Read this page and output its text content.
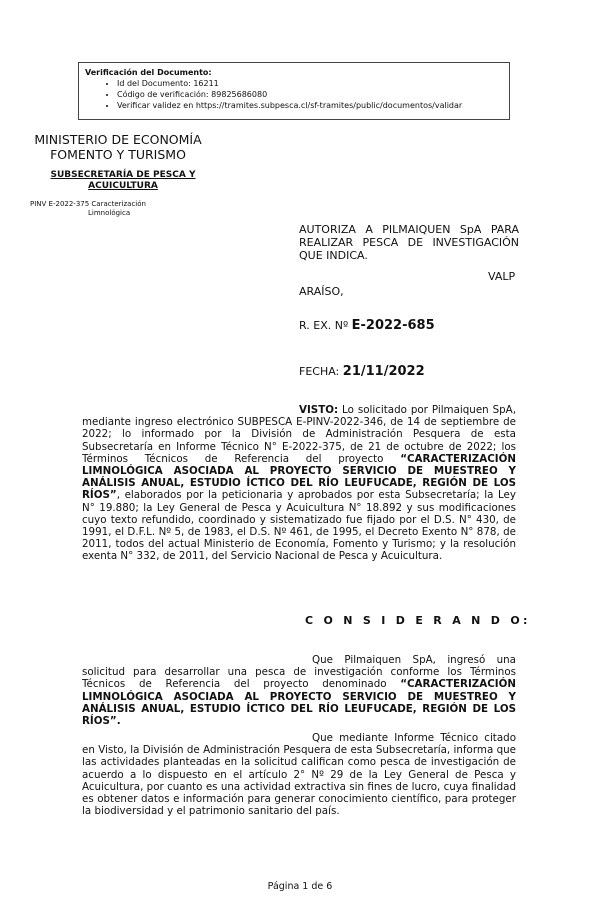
Verificación del Documento:
• Id del Documento: 16211
• Código de verificación: 89825686080
• Verificar validez en https://tramites.subpesca.cl/sf-tramites/public/documentos/validar
MINISTERIO DE ECONOMÍA
FOMENTO Y TURISMO
SUBSECRETARÍA DE PESCA Y
ACUICULTURA
PINV E-2022-375 Caracterización
Limnológica
AUTORIZA A PILMAIQUEN SpA PARA REALIZAR PESCA DE INVESTIGACIÓN QUE INDICA.
VALP
ARAÍSO,
R. EX. Nº E-2022-685
FECHA: 21/11/2022
VISTO: Lo solicitado por Pilmaiquen SpA, mediante ingreso electrónico SUBPESCA E-PINV-2022-346, de 14 de septiembre de 2022; lo informado por la División de Administración Pesquera de esta Subsecretaría en Informe Técnico N° E-2022-375, de 21 de octubre de 2022; los Términos Técnicos de Referencia del proyecto “CARACTERIZACIÓN LIMNOLÓGICA ASOCIADA AL PROYECTO SERVICIO DE MUESTREO Y ANÁLISIS ANUAL, ESTUDIO ÍCTICO DEL RÍO LEUFUCADE, REGIÓN DE LOS RÍOS”, elaborados por la peticionaria y aprobados por esta Subsecretaría; la Ley N° 19.880; la Ley General de Pesca y Acuicultura N° 18.892 y sus modificaciones cuyo texto refundido, coordinado y sistematizado fue fijado por el D.S. N° 430, de 1991, el D.F.L. Nº 5, de 1983, el D.S. Nº 461, de 1995, el Decreto Exento N° 878, de 2011, todos del actual Ministerio de Economía, Fomento y Turismo; y la resolución exenta N° 332, de 2011, del Servicio Nacional de Pesca y Acuicultura.
C O N S I D E R A N D O:
Que Pilmaiquen SpA, ingresó una solicitud para desarrollar una pesca de investigación conforme los Términos Técnicos de Referencia del proyecto denominado “CARACTERIZACIÓN LIMNOLÓGICA ASOCIADA AL PROYECTO SERVICIO DE MUESTREO Y ANÁLISIS ANUAL, ESTUDIO ÍCTICO DEL RÍO LEUFUCADE, REGIÓN DE LOS RÍOS”.
Que mediante Informe Técnico citado en Visto, la División de Administración Pesquera de esta Subsecretaría, informa que las actividades planteadas en la solicitud califican como pesca de investigación de acuerdo a lo dispuesto en el artículo 2° Nº 29 de la Ley General de Pesca y Acuicultura, por cuanto es una actividad extractiva sin fines de lucro, cuya finalidad es obtener datos e información para generar conocimiento científico, para proteger la biodiversidad y el patrimonio sanitario del país.
Página 1 de 6
